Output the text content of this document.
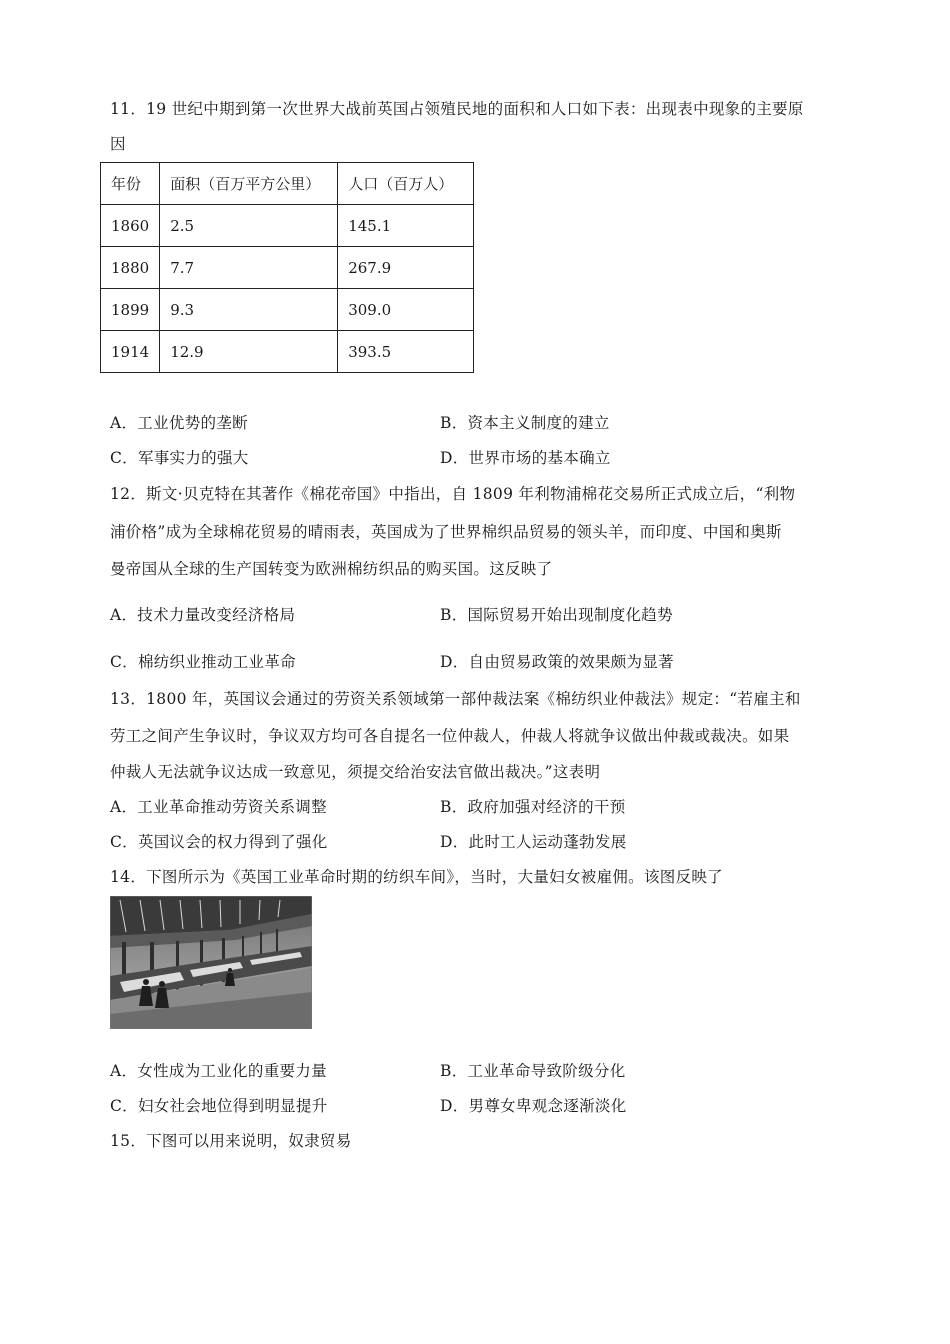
11．19 世纪中期到第一次世界大战前英国占领殖民地的面积和人口如下表：出现表中现象的主要原
因
年份	面积（百万平方公里）	人口（百万人）
1860	2.5	145.1
1880	7.7	267.9
1899	9.3	309.0
1914	12.9	393.5
A．工业优势的垄断	B．资本主义制度的建立
C．军事实力的强大	D．世界市场的基本确立
12．斯文·贝克特在其著作《棉花帝国》中指出，自 1809 年利物浦棉花交易所正式成立后，“利物
浦价格”成为全球棉花贸易的晴雨表，英国成为了世界棉织品贸易的领头羊，而印度、中国和奥斯
曼帝国从全球的生产国转变为欧洲棉纺织品的购买国。这反映了
A．技术力量改变经济格局	B．国际贸易开始出现制度化趋势
C．棉纺织业推动工业革命	D．自由贸易政策的效果颇为显著
13．1800 年，英国议会通过的劳资关系领域第一部仲裁法案《棉纺织业仲裁法》规定：“若雇主和
劳工之间产生争议时，争议双方均可各自提名一位仲裁人，仲裁人将就争议做出仲裁或裁决。如果
仲裁人无法就争议达成一致意见，须提交给治安法官做出裁决。”这表明
A．工业革命推动劳资关系调整	B．政府加强对经济的干预
C．英国议会的权力得到了强化	D．此时工人运动蓬勃发展
14．下图所示为《英国工业革命时期的纺织车间》，当时，大量妇女被雇佣。该图反映了
A．女性成为工业化的重要力量	B．工业革命导致阶级分化
C．妇女社会地位得到明显提升	D．男尊女卑观念逐渐淡化
15．下图可以用来说明，奴隶贸易
